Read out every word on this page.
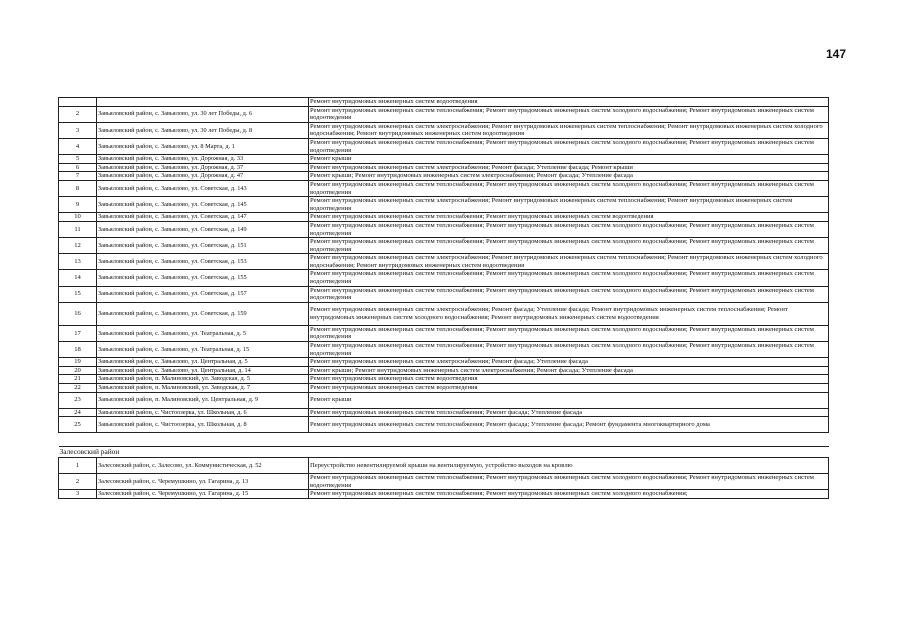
147
		Ремонт внутридомовых инженерных систем водоотведения
2	Завьяловский район, с. Завьялово, ул. 30 лет Победы, д. 6	Ремонт внутридомовых инженерных систем теплоснабжения; Ремонт внутридомовых инженерных систем холодного водоснабжения; Ремонт внутридомовых инженерных систем водоотведения
3	Завьяловский район, с. Завьялово, ул. 30 лет Победы, д. 8	Ремонт внутридомовых инженерных систем электроснабжения; Ремонт внутридомовых инженерных систем теплоснабжения; Ремонт внутридомовых инженерных систем холодного водоснабжения; Ремонт внутридомовых инженерных систем водоотведения
4	Завьяловский район, с. Завьялово, ул. 8 Марта, д. 1	Ремонт внутридомовых инженерных систем теплоснабжения; Ремонт внутридомовых инженерных систем холодного водоснабжения; Ремонт внутридомовых инженерных систем водоотведения
5	Завьяловский район, с. Завьялово, ул. Дорожная, д. 33	Ремонт крыши
6	Завьяловский район, с. Завьялово, ул. Дорожная, д. 37	Ремонт внутридомовых инженерных систем электроснабжения; Ремонт фасада; Утепление фасада; Ремонт крыши
7	Завьяловский район, с. Завьялово, ул. Дорожная, д. 47	Ремонт крыши; Ремонт внутридомовых инженерных систем электроснабжения; Ремонт фасада; Утепление фасада
8	Завьяловский район, с. Завьялово, ул. Советская, д. 143	Ремонт внутридомовых инженерных систем теплоснабжения; Ремонт внутридомовых инженерных систем холодного водоснабжения; Ремонт внутридомовых инженерных систем водоотведения
9	Завьяловский район, с. Завьялово, ул. Советская, д. 145	Ремонт внутридомовых инженерных систем электроснабжения; Ремонт внутридомовых инженерных систем теплоснабжения; Ремонт внутридомовых инженерных систем водоотведения
10	Завьяловский район, с. Завьялово, ул. Советская, д. 147	Ремонт внутридомовых инженерных систем теплоснабжения; Ремонт внутридомовых инженерных систем водоотведения
11	Завьяловский район, с. Завьялово, ул. Советская, д. 149	Ремонт внутридомовых инженерных систем теплоснабжения; Ремонт внутридомовых инженерных систем холодного водоснабжения; Ремонт внутридомовых инженерных систем водоотведения
12	Завьяловский район, с. Завьялово, ул. Советская, д. 151	Ремонт внутридомовых инженерных систем теплоснабжения; Ремонт внутридомовых инженерных систем холодного водоснабжения; Ремонт внутридомовых инженерных систем водоотведения
13	Завьяловский район, с. Завьялово, ул. Советская, д. 153	Ремонт внутридомовых инженерных систем электроснабжения; Ремонт внутридомовых инженерных систем теплоснабжения; Ремонт внутридомовых инженерных систем холодного водоснабжения; Ремонт внутридомовых инженерных систем водоотведения
14	Завьяловский район, с. Завьялово, ул. Советская, д. 155	Ремонт внутридомовых инженерных систем теплоснабжения; Ремонт внутридомовых инженерных систем холодного водоснабжения; Ремонт внутридомовых инженерных систем водоотведения
15	Завьяловский район, с. Завьялово, ул. Советская, д. 157	Ремонт внутридомовых инженерных систем теплоснабжения; Ремонт внутридомовых инженерных систем холодного водоснабжения; Ремонт внутридомовых инженерных систем водоотведения
16	Завьяловский район, с. Завьялово, ул. Советская, д. 159	Ремонт внутридомовых инженерных систем электроснабжения; Ремонт фасада; Утепление фасада; Ремонт внутридомовых инженерных систем теплоснабжения; Ремонт внутридомовых инженерных систем холодного водоснабжения; Ремонт внутридомовых инженерных систем водоотведения
17	Завьяловский район, с. Завьялово, ул. Театральная, д. 5	Ремонт внутридомовых инженерных систем теплоснабжения; Ремонт внутридомовых инженерных систем холодного водоснабжения; Ремонт внутридомовых инженерных систем водоотведения
18	Завьяловский район, с. Завьялово, ул. Театральная, д. 15	Ремонт внутридомовых инженерных систем теплоснабжения; Ремонт внутридомовых инженерных систем холодного водоснабжения; Ремонт внутридомовых инженерных систем водоотведения
19	Завьяловский район, с. Завьялово, ул. Центральная, д. 5	Ремонт внутридомовых инженерных систем электроснабжения; Ремонт фасада; Утепление фасада
20	Завьяловский район, с. Завьялово, ул. Центральная, д. 14	Ремонт крыши; Ремонт внутридомовых инженерных систем электроснабжения; Ремонт фасада; Утепление фасада
21	Завьяловский район, п. Малиновский, ул. Заводская, д. 5	Ремонт внутридомовых инженерных систем водоотведения
22	Завьяловский район, п. Малиновский, ул. Заводская, д. 7	Ремонт внутридомовых инженерных систем водоотведения
23	Завьяловский район, п. Малиновский, ул. Центральная, д. 9	Ремонт крыши
24	Завьяловский район, с. Чистоозерка, ул. Школьная, д. 6	Ремонт внутридомовых инженерных систем теплоснабжения; Ремонт фасада; Утепление фасада
25	Завьяловский район, с. Чистоозерка, ул. Школьная, д. 8	Ремонт внутридомовых инженерных систем теплоснабжения; Ремонт фасада; Утепление фасада; Ремонт фундамента многоквартирного дома

Залесовский район		
1	Залесовский район, с. Залесово, ул. Коммунистическая, д. 52	Переустройство невентилируемой крыши на вентилируемую, устройство выходов на кровлю
2	Залесовский район, с. Черемушкино, ул. Гагарина, д. 13	Ремонт внутридомовых инженерных систем теплоснабжения; Ремонт внутридомовых инженерных систем холодного водоснабжения; Ремонт внутридомовых инженерных систем водоотведения
3	Залесовский район, с. Черемушкино, ул. Гагарина, д. 15	Ремонт внутридомовых инженерных систем теплоснабжения; Ремонт внутридомовых инженерных систем холодного водоснабжения;
